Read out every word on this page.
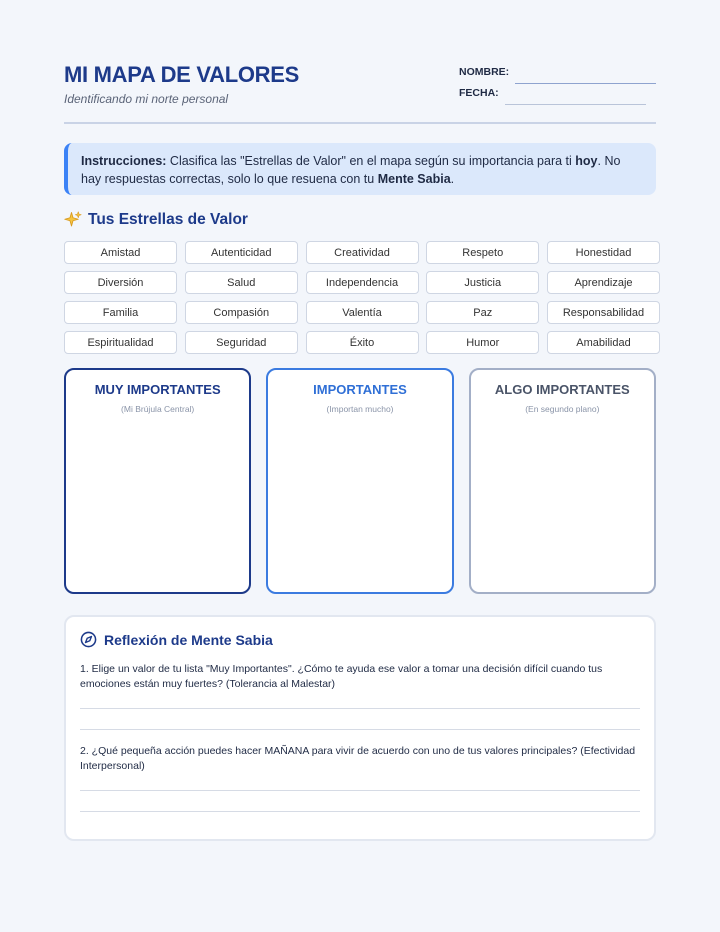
MI MAPA DE VALORES
Identificando mi norte personal
NOMBRE:
FECHA:
Instrucciones: Clasifica las "Estrellas de Valor" en el mapa según su importancia para ti hoy. No hay respuestas correctas, solo lo que resuena con tu Mente Sabia.
Tus Estrellas de Valor
Amistad	Autenticidad	Creatividad	Respeto	Honestidad
Diversión	Salud	Independencia	Justicia	Aprendizaje
Familia	Compasión	Valentía	Paz	Responsabilidad
Espiritualidad	Seguridad	Éxito	Humor	Amabilidad
MUY IMPORTANTES
(Mi Brújula Central)
IMPORTANTES
(Importan mucho)
ALGO IMPORTANTES
(En segundo plano)
Reflexión de Mente Sabia
1. Elige un valor de tu lista "Muy Importantes". ¿Cómo te ayuda ese valor a tomar una decisión difícil cuando tus emociones están muy fuertes? (Tolerancia al Malestar)
2. ¿Qué pequeña acción puedes hacer MAÑANA para vivir de acuerdo con uno de tus valores principales? (Efectividad Interpersonal)
